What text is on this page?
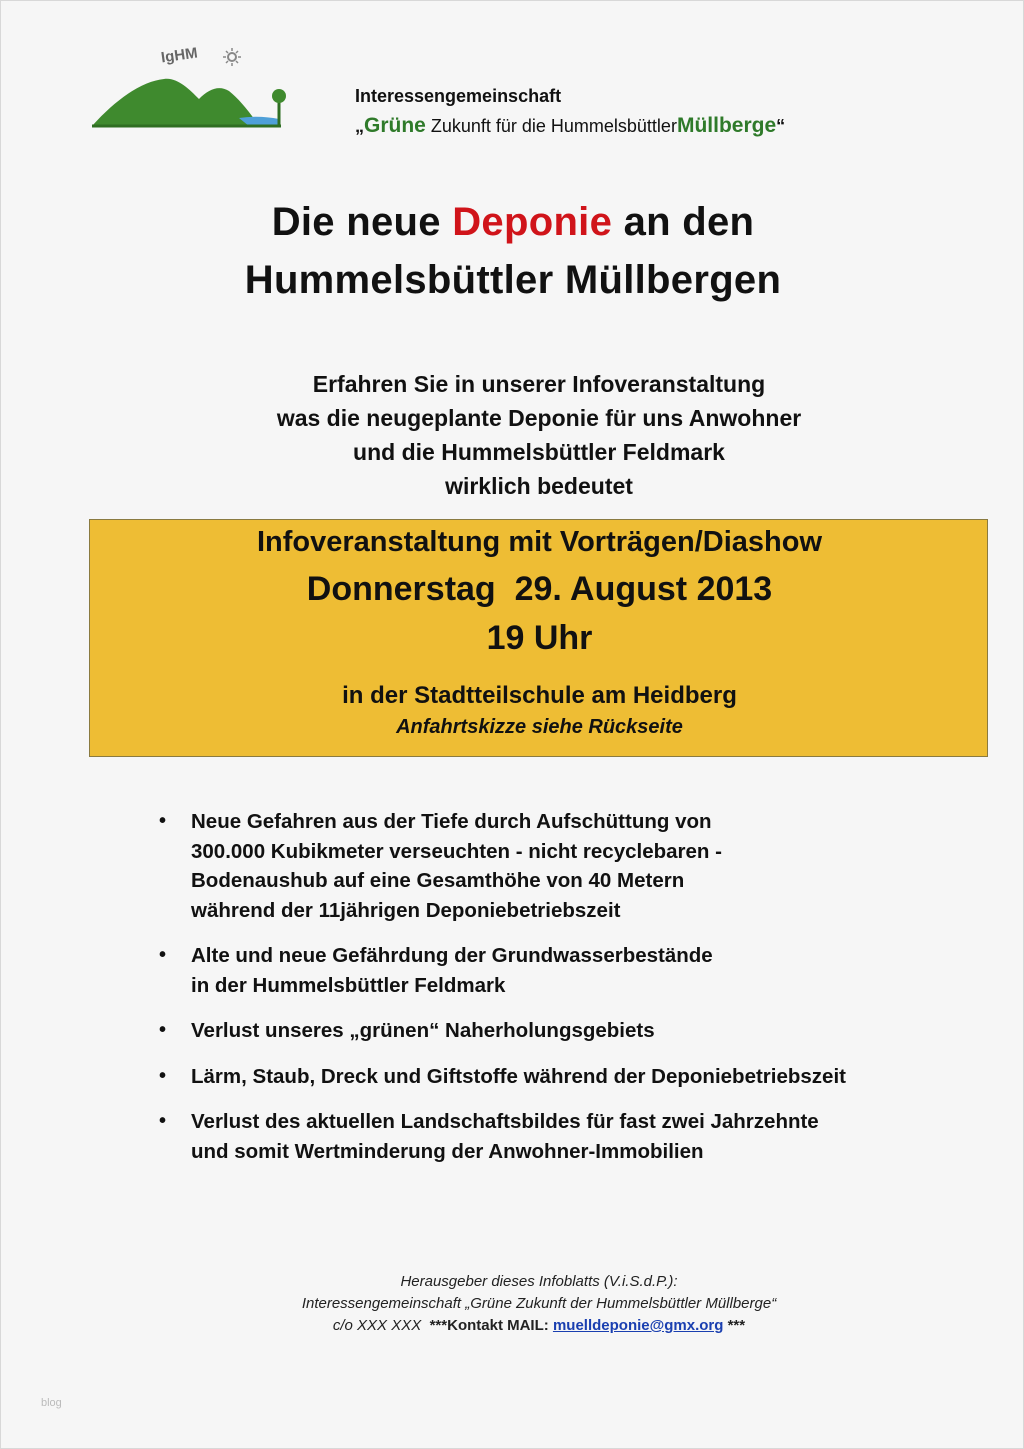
IgHM
Interessengemeinschaft
„Grüne Zukunft für die HummelsbüttlerMüllberge“
Die neue Deponie an den
Hummelsbüttler Müllbergen
Erfahren Sie in unserer Infoveranstaltung
was die neugeplante Deponie für uns Anwohner
und die Hummelsbüttler Feldmark
wirklich bedeutet
Infoveranstaltung mit Vorträgen/Diashow
Donnerstag  29. August 2013
19 Uhr
in der Stadtteilschule am Heidberg
Anfahrtskizze siehe Rückseite
• Neue Gefahren aus der Tiefe durch Aufschüttung von
300.000 Kubikmeter verseuchten - nicht recyclebaren -
Bodenaushub auf eine Gesamthöhe von 40 Metern
während der 11jährigen Deponiebetriebszeit
• Alte und neue Gefährdung der Grundwasserbestände
in der Hummelsbüttler Feldmark
• Verlust unseres „grünen“ Naherholungsgebiets
• Lärm, Staub, Dreck und Giftstoffe während der Deponiebetriebszeit
• Verlust des aktuellen Landschaftsbildes für fast zwei Jahrzehnte
und somit Wertminderung der Anwohner-Immobilien
Herausgeber dieses Infoblatts (V.i.S.d.P.):
Interessengemeinschaft „Grüne Zukunft der Hummelsbüttler Müllberge“
c/o XXX XXX  ***Kontakt MAIL: muelldeponie@gmx.org ***
blog
